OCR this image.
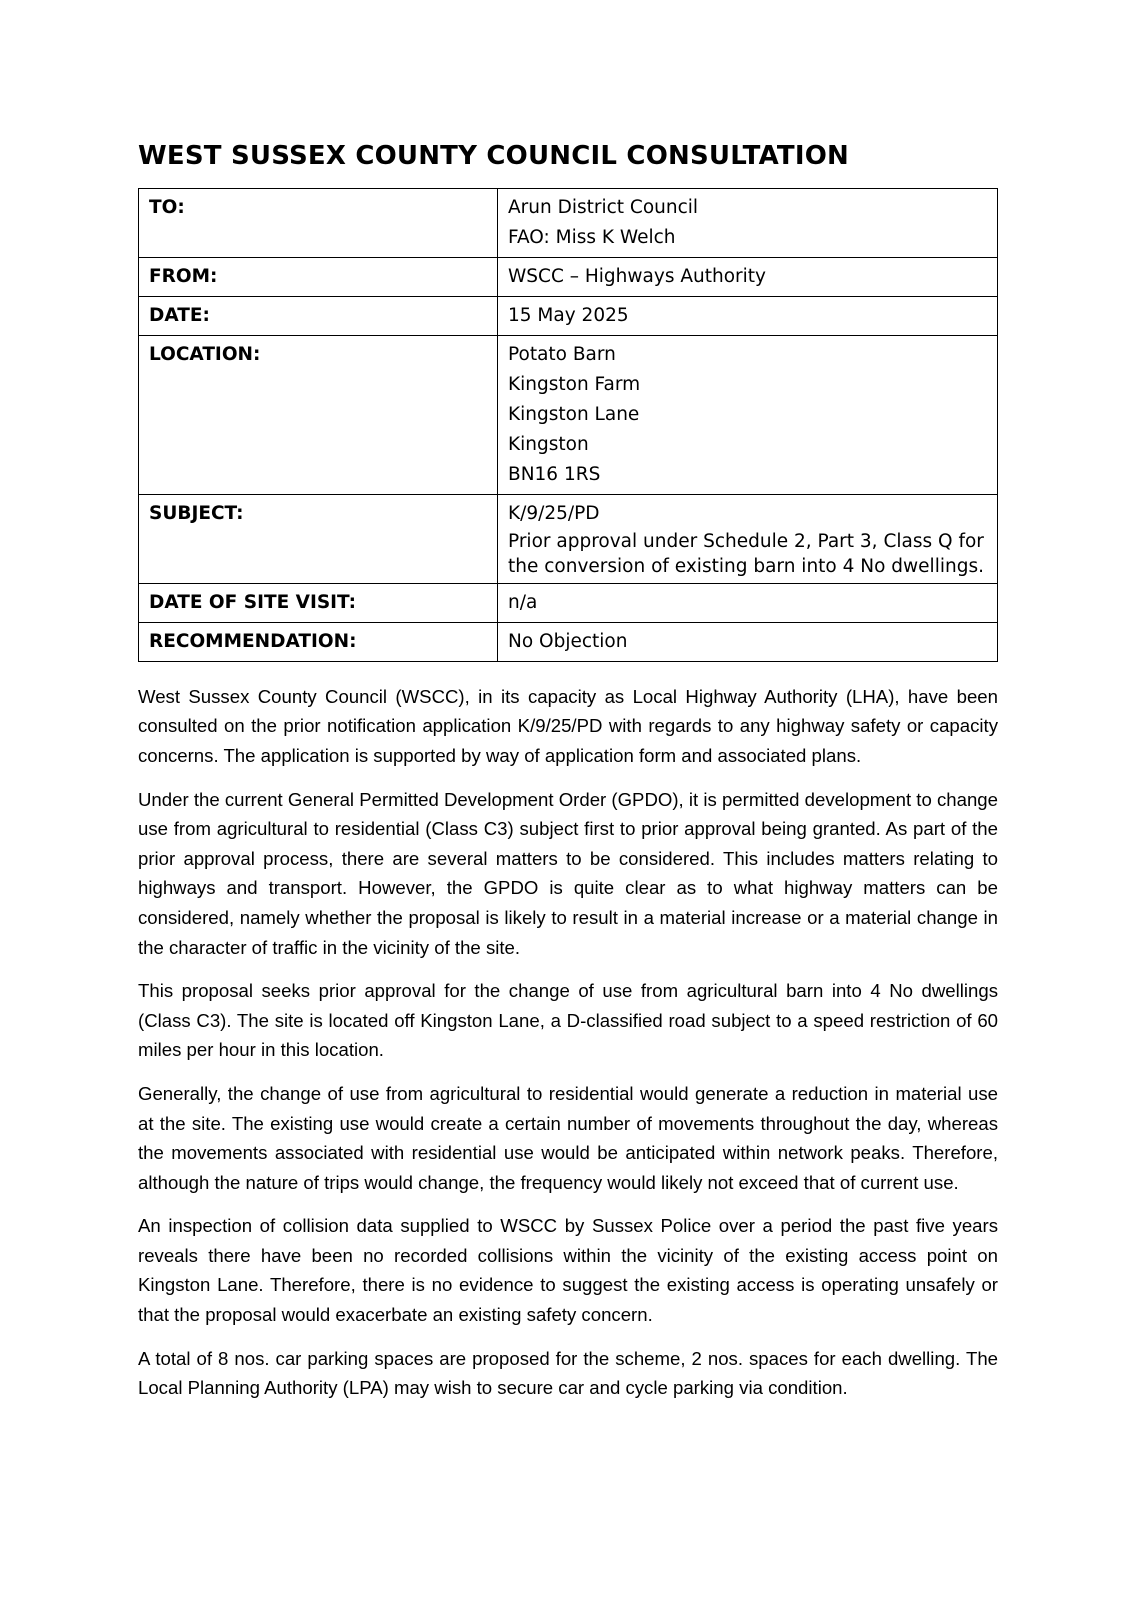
WEST SUSSEX COUNTY COUNCIL CONSULTATION
TO:	Arun District Council
FAO: Miss K Welch

FROM:	WSCC – Highways Authority
DATE:	15 May 2025
LOCATION:	Potato Barn
Kingston Farm
Kingston Lane
Kingston
BN16 1RS

SUBJECT:	K/9/25/PD
Prior approval under Schedule 2, Part 3, Class Q for the conversion of existing barn into 4 No dwellings.

DATE OF SITE VISIT:	n/a
RECOMMENDATION:	No Objection

West Sussex County Council (WSCC), in its capacity as Local Highway Authority (LHA), have been consulted on the prior notification application K/9/25/PD with regards to any highway safety or capacity concerns. The application is supported by way of application form and associated plans.

Under the current General Permitted Development Order (GPDO), it is permitted development to change use from agricultural to residential (Class C3) subject first to prior approval being granted. As part of the prior approval process, there are several matters to be considered. This includes matters relating to highways and transport. However, the GPDO is quite clear as to what highway matters can be considered, namely whether the proposal is likely to result in a material increase or a material change in the character of traffic in the vicinity of the site.

This proposal seeks prior approval for the change of use from agricultural barn into 4 No dwellings (Class C3). The site is located off Kingston Lane, a D-classified road subject to a speed restriction of 60 miles per hour in this location.

Generally, the change of use from agricultural to residential would generate a reduction in material use at the site. The existing use would create a certain number of movements throughout the day, whereas the movements associated with residential use would be anticipated within network peaks. Therefore, although the nature of trips would change, the frequency would likely not exceed that of current use.

An inspection of collision data supplied to WSCC by Sussex Police over a period the past five years reveals there have been no recorded collisions within the vicinity of the existing access point on Kingston Lane. Therefore, there is no evidence to suggest the existing access is operating unsafely or that the proposal would exacerbate an existing safety concern.

A total of 8 nos. car parking spaces are proposed for the scheme, 2 nos. spaces for each dwelling. The Local Planning Authority (LPA) may wish to secure car and cycle parking via condition.
